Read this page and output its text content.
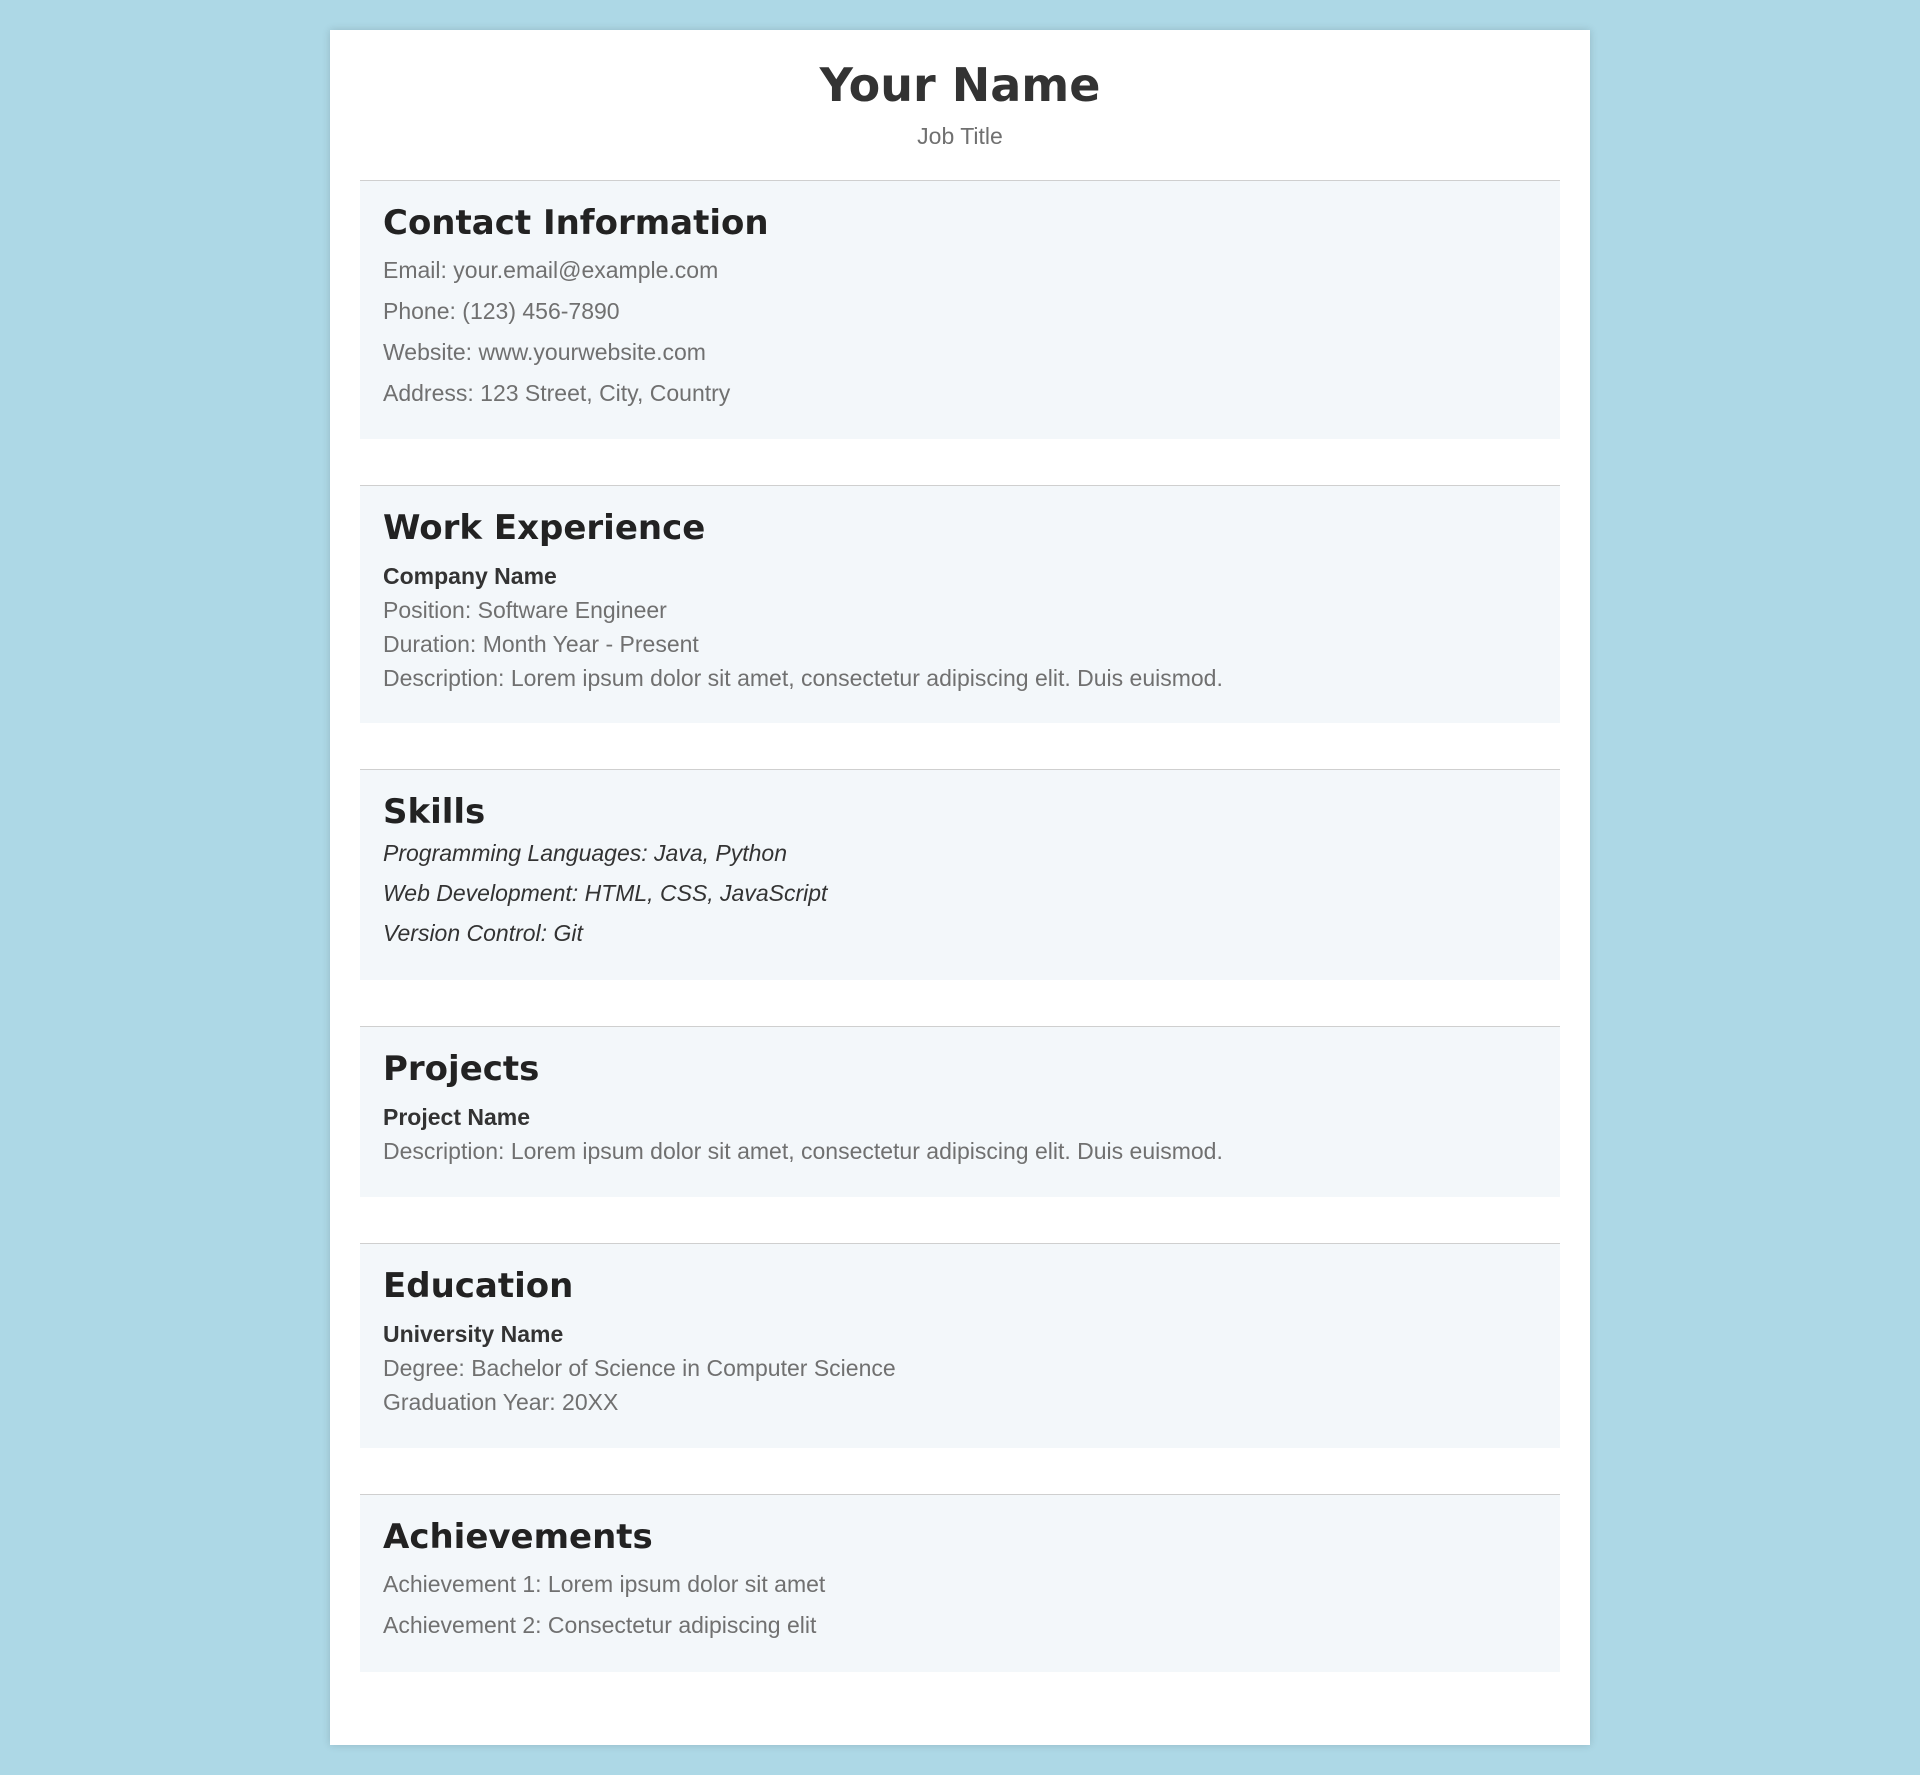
Your Name
Job Title
Contact Information

Email: your.email@example.com

Phone: (123) 456-7890

Website: www.yourwebsite.com

Address: 123 Street, City, Country

Work Experience

Company Name

Position: Software Engineer

Duration: Month Year - Present

Description: Lorem ipsum dolor sit amet, consectetur adipiscing elit. Duis euismod.

Skills

Programming Languages: Java, Python

Web Development: HTML, CSS, JavaScript

Version Control: Git

Projects

Project Name

Description: Lorem ipsum dolor sit amet, consectetur adipiscing elit. Duis euismod.

Education

University Name

Degree: Bachelor of Science in Computer Science

Graduation Year: 20XX

Achievements

Achievement 1: Lorem ipsum dolor sit amet

Achievement 2: Consectetur adipiscing elit
